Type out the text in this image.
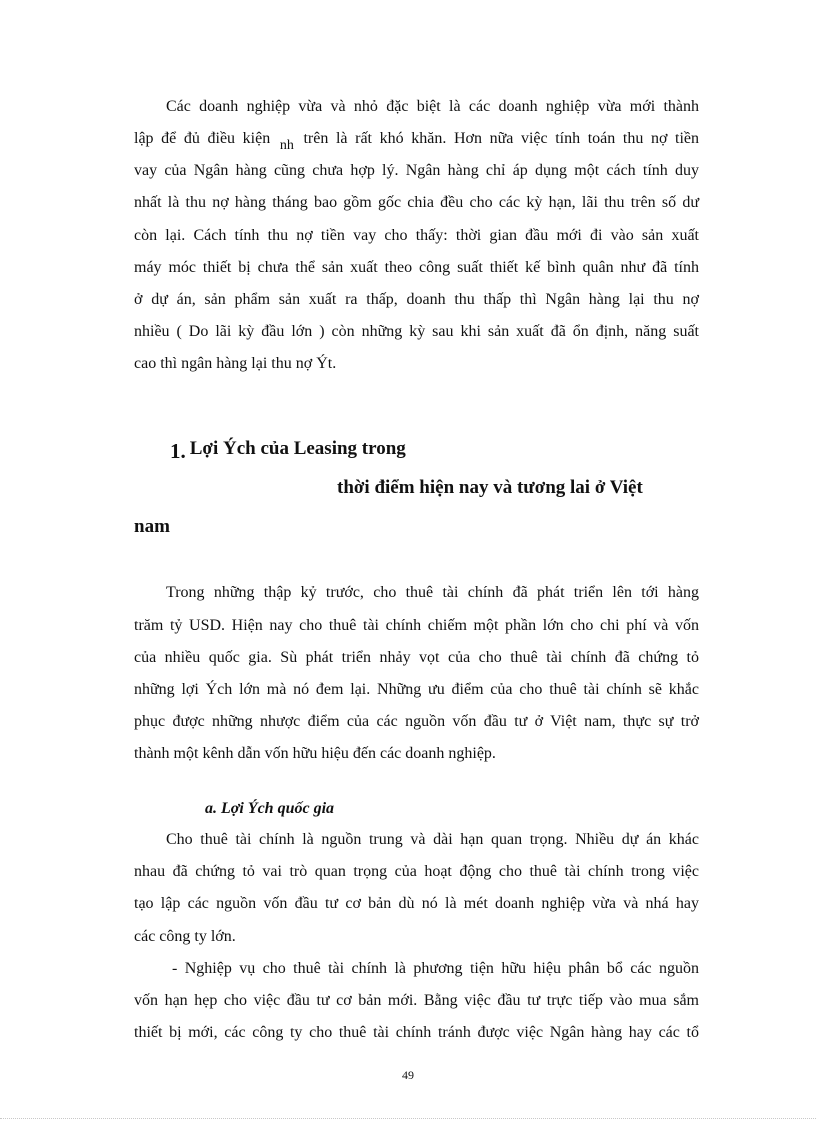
Các doanh nghiệp vừa và nhỏ đặc biệt là các doanh nghiệp vừa mới thành
lập để đủ điều kiện nh trên là rất khó khăn. Hơn nữa việc tính toán thu nợ tiền
vay của Ngân hàng cũng chưa hợp lý. Ngân hàng chỉ áp dụng một cách tính duy
nhất là thu nợ hàng tháng bao gồm gốc chia đều cho các kỳ hạn, lãi thu trên số dư
còn lại. Cách tính thu nợ tiền vay cho thấy: thời gian đầu mới đi vào sản xuất
máy móc thiết bị chưa thể sản xuất theo công suất thiết kế bình quân như đã tính
ở dự án, sản phẩm sản xuất ra thấp, doanh thu thấp thì Ngân hàng lại thu nợ
nhiều ( Do lãi kỳ đầu lớn ) còn những kỳ sau khi sản xuất đã ổn định, năng suất
cao thì ngân hàng lại thu nợ Ýt.
1. Lợi Ých của Leasing trong
thời điểm hiện nay và tương lai ở Việt
nam
Trong những thập kỷ trước, cho thuê tài chính đã phát triển lên tới hàng
trăm tỷ USD. Hiện nay cho thuê tài chính chiếm một phần lớn cho chi phí và vốn
của nhiều quốc gia. Sù phát triển nhảy vọt của cho thuê tài chính đã chứng tỏ
những lợi Ých lớn mà nó đem lại. Những ưu điểm của cho thuê tài chính sẽ khắc
phục được những nhược điểm của các nguồn vốn đầu tư ở Việt nam, thực sự trở
thành một kênh dẫn vốn hữu hiệu đến các doanh nghiệp.
a. Lợi Ých quốc gia
Cho thuê tài chính là nguồn trung và dài hạn quan trọng. Nhiều dự án khác
nhau đã chứng tỏ vai trò quan trọng của hoạt động cho thuê tài chính trong việc
tạo lập các nguồn vốn đầu tư cơ bản dù nó là mét doanh nghiệp vừa và nhá hay
các công ty lớn.
- Nghiệp vụ cho thuê tài chính là phương tiện hữu hiệu phân bổ các nguồn
vốn hạn hẹp cho việc đầu tư cơ bản mới. Bằng việc đầu tư trực tiếp vào mua sắm
thiết bị mới, các công ty cho thuê tài chính tránh được việc Ngân hàng hay các tổ
49
